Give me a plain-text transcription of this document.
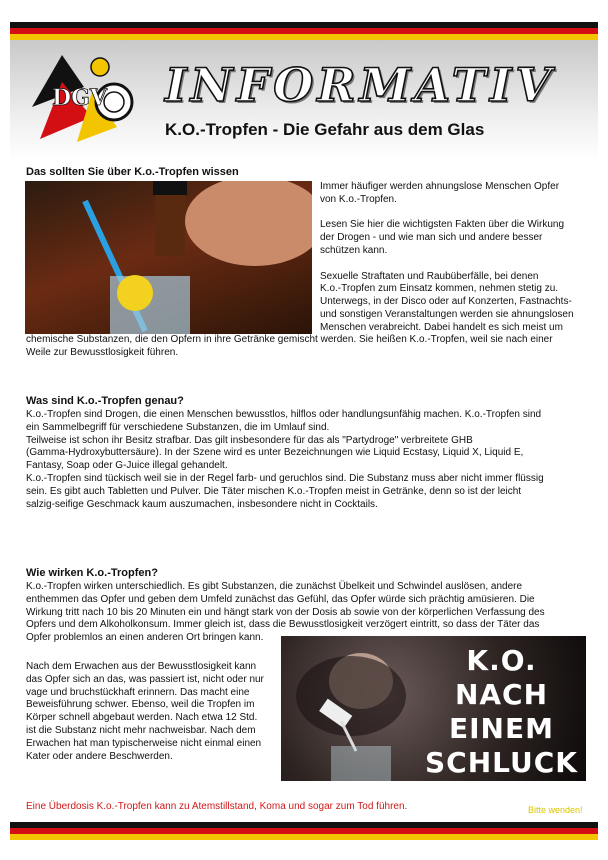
DGV INFORMATIV
K.O.-Tropfen - Die Gefahr aus dem Glas
Das sollten Sie über K.o.-Tropfen wissen
Immer häufiger werden ahnungslose Menschen Opfer
von K.o.-Tropfen.
Lesen Sie hier die wichtigsten Fakten über die Wirkung
der Drogen - und wie man sich und andere besser
schützen kann.
Sexuelle Straftaten und Raubüberfälle, bei denen
K.o.-Tropfen zum Einsatz kommen, nehmen stetig zu.
Unterwegs, in der Disco oder auf Konzerten, Fastnachts-
und sonstigen Veranstaltungen werden sie ahnungslosen
Menschen verabreicht. Dabei handelt es sich meist um
chemische Substanzen, die den Opfern in ihre Getränke gemischt werden. Sie heißen K.o.-Tropfen, weil sie nach einer
Weile zur Bewusstlosigkeit führen.
Was sind K.o.-Tropfen genau?
K.o.-Tropfen sind Drogen, die einen Menschen bewusstlos, hilflos oder handlungsunfähig machen. K.o.-Tropfen sind
ein Sammelbegriff für verschiedene Substanzen, die im Umlauf sind.
Teilweise ist schon ihr Besitz strafbar. Das gilt insbesondere für das als "Partydroge" verbreitete GHB
(Gamma-Hydroxybuttersäure). In der Szene wird es unter Bezeichnungen wie Liquid Ecstasy, Liquid X, Liquid E,
Fantasy, Soap oder G-Juice illegal gehandelt.
K.o.-Tropfen sind tückisch weil sie in der Regel farb- und geruchlos sind. Die Substanz muss aber nicht immer flüssig
sein. Es gibt auch Tabletten und Pulver. Die Täter mischen K.o.-Tropfen meist in Getränke, denn so ist der leicht
salzig-seifige Geschmack kaum auszumachen, insbesondere nicht in Cocktails.
Wie wirken K.o.-Tropfen?
K.o.-Tropfen wirken unterschiedlich. Es gibt Substanzen, die zunächst Übelkeit und Schwindel auslösen, andere
enthemmen das Opfer und geben dem Umfeld zunächst das Gefühl, das Opfer würde sich prächtig amüsieren. Die
Wirkung tritt nach 10 bis 20 Minuten ein und hängt stark von der Dosis ab sowie von der körperlichen Verfassung des
Opfers und dem Alkoholkonsum. Immer gleich ist, dass die Bewusstlosigkeit verzögert eintritt, so dass der Täter das
Opfer problemlos an einen anderen Ort bringen kann.
Nach dem Erwachen aus der Bewusstlosigkeit kann
das Opfer sich an das, was passiert ist, nicht oder nur
vage und bruchstückhaft erinnern. Das macht eine
Beweisführung schwer. Ebenso, weil die Tropfen im
Körper schnell abgebaut werden. Nach etwa 12 Std.
ist die Substanz nicht mehr nachweisbar. Nach dem
Erwachen hat man typischerweise nicht einmal einen
Kater oder andere Beschwerden.
K.O.
NACH
EINEM
SCHLUCK
Eine Überdosis K.o.-Tropfen kann zu Atemstillstand, Koma und sogar zum Tod führen.	Bitte wenden!
